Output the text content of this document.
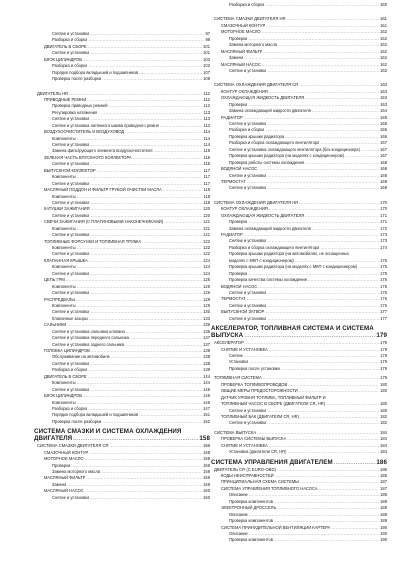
Снятие и установка .....	97
Разборка и сборка .....	98
ДВИГАТЕЛЬ В СБОРЕ .....	101
Снятие и установка .....	101
БЛОК ЦИЛИНДРОВ .....	103
Разборка и сборка .....	103
Порядок подбора вкладышей и подшипников .....	107
Проверка после разборки .....	108
ДВИГАТЕЛЬ HR .....	112
ПРИВОДНЫЕ РЕМНИ .....	112
Проверка приводных ремней .....	112
Регулировка натяжения .....	113
Снятие и установка .....	113
Снятие и установка натяжного шкива приводного ремня .....	113
ВОЗДУХООЧИСТИТЕЛЬ И ВОЗДУХОВОД .....	114
Компоненты .....	114
Снятие и установка .....	114
Замена фильтрующего элемента воздухоочистителя .....	115
ЗЕЛЕНАЯ ЧАСТЬ ВПУСКНОГО КОЛЛЕКТОРА .....	115
Снятие и установка .....	115
ВЫПУСКНОЙ КОЛЛЕКТОР .....	117
Компоненты .....	117
Снятие и установка .....	117
МАСЛЯНЫЙ ПОДДОН И ФИЛЬТР ГРУБОЙ ОЧИСТКИ МАСЛА .....	118
Компоненты .....	118
Снятие и установка .....	118
КАТУШКИ ЗАЖИГАНИЯ .....	120
Снятие и установка .....	120
СВЕЧИ ЗАЖИГАНИЯ (С ПЛАТИНОВЫМИ НАКОНЕЧНИКАМИ) .....	121
Компоненты .....	121
Снятие и установка .....	121
ТОПЛИВНЫЕ ФОРСУНКИ И ТОПЛИВНАЯ ТРУБКА .....	122
Компоненты .....	122
Снятие и установка .....	122
КЛАПАННАЯ КРЫШКА .....	124
Компоненты .....	124
Снятие и установка .....	124
ЦЕПЬ ГРМ .....	125
Компоненты .....	125
Снятие и установка .....	126
РАСПРЕДВАЛЫ .....	129
Компоненты .....	129
Снятие и установка .....	130
Клапанные зазоры .....	133
САЛЬНИКИ .....	136
Снятие и установка сальника клапана .....	136
Снятие и установка переднего сальника .....	137
Снятие и установка заднего сальника .....	137
ГОЛОВКА ЦИЛИНДРОВ .....	138
Обслуживание на автомобиле .....	138
Снятие и установка .....	138
Разборка и сборка .....	139
ДВИГАТЕЛЬ В СБОРЕ .....	144
Компоненты .....	144
Снятие и установка .....	145
БЛОК ЦИЛИНДРОВ .....	146
Компоненты .....	146
Разборка и сборка .....	147
Порядок подбора вкладышей и подшипников .....	151
Проверка после разборки .....	152
СИСТЕМА СМАЗКИ И СИСТЕМА ОХЛАЖДЕНИЯ
ДВИГАТЕЛЯ .....	158
СИСТЕМА СМАЗКИ ДВИГАТЕЛЯ CR .....	158
СМАЗОЧНЫЙ КОНТУР .....	158
МОТОРНОЕ МАСЛО .....	158
Проверка .....	158
Замена моторного масла .....	158
МАСЛЯНЫЙ ФИЛЬТР .....	159
Замена .....	159
МАСЛЯНЫЙ НАСОС .....	160
Снятие и установка .....	160
Разборка и сборка .....	160
СИСТЕМА СМАЗКИ ДВИГАТЕЛЯ HR .....	161
СМАЗОЧНЫЙ КОНТУР .....	161
МОТОРНОЕ МАСЛО .....	162
Проверка .....	162
Замена моторного масла .....	162
МАСЛЯНЫЙ ФИЛЬТР .....	162
Замена .....	162
МАСЛЯНЫЙ НАСОС .....	162
Снятие и установка .....	162
СИСТЕМА ОХЛАЖДЕНИЯ ДВИГАТЕЛЯ CR .....	163
КОНТУР ОХЛАЖДЕНИЯ .....	163
ОХЛАЖДАЮЩАЯ ЖИДКОСТЬ ДВИГАТЕЛЯ .....	163
Проверка .....	163
Замена охлаждающей жидкости двигателя .....	164
РАДИАТОР .....	165
Снятие и установка .....	165
Разборка и сборка .....	166
Проверка крышки радиатора .....	166
Разборка и сборка охлаждающего вентилятора .....	167
Снятие и установка охлаждающего вентилятора (без кондиционера) .....	167
Проверка крышки радиатора (на моделях с кондиционером) .....	167
Проверка работы системы охлаждения .....	168
ВОДЯНОЙ НАСОС .....	168
Снятие и установка .....	168
ТЕРМОСТАТ .....	169
Снятие и установка .....	169
СИСТЕМА ОХЛАЖДЕНИЯ ДВИГАТЕЛЯ HR .....	170
КОНТУР ОХЛАЖДЕНИЯ .....	170
ОХЛАЖДАЮЩАЯ ЖИДКОСТЬ ДВИГАТЕЛЯ .....	171
Проверка .....	171
Замена охлаждающей жидкости двигателя .....	172
РАДИАТОР .....	173
Снятие и установка .....	173
Разборка и сборка охлаждающего вентилятора .....	174
Проверка крышки радиатора (на автомобилях, не оснащенных
моделях с МКП с кондиционером) .....	175
Проверка крышки радиатора (на моделях с МКП с кондиционером) .....	175
Проверка .....	175
Проверка качества системы охлаждения .....	175
ВОДЯНОЙ НАСОС .....	175
Снятие и установка .....	175
ТЕРМОСТАТ .....	176
Снятие и установка .....	176
ВЫПУСКНОЙ ЗАТВОР .....	177
Снятие и установка .....	177
АКСЕЛЕРАТОР, ТОПЛИВНАЯ СИСТЕМА И СИСТЕМА
ВЫПУСКА .....	179
АКСЕЛЕРАТОР .....	179
СНЯТИЕ И УСТАНОВКА .....	179
Снятие .....	179
Установка .....	179
Проверка после установки .....	179
ТОПЛИВНАЯ СИСТЕМА .....	179
ПРОВЕРКА ТОПЛИВОПРОВОДОВ .....	180
ОБЩИЕ МЕРЫ ПРЕДОСТОРОЖНОСТИ .....	180
ДАТЧИК УРОВНЯ ТОПЛИВА, ТОПЛИВНЫЙ ФИЛЬТР И
ТОПЛИВНЫЙ НАСОС В СБОРЕ (ДВИГАТЕЛИ CR, HR) .....	180
Снятие и установка .....	180
ТОПЛИВНЫЙ БАК (ДВИГАТЕЛИ CR, HR) .....	182
Снятие и установка .....	182
СИСТЕМА ВЫПУСКА .....	184
ПРОВЕРКА СИСТЕМЫ ВЫПУСКА .....	184
СНЯТИЕ И УСТАНОВКА .....	184
Установка (двигатели CR, HR) .....	184
СИСТЕМА УПРАВЛЕНИЯ ДВИГАТЕЛЕМ .....	186
ДВИГАТЕЛЬ CR (С EURO-OBD) .....	186
КОДЫ НЕИСПРАВНОСТЕЙ .....	186
ПРИНЦИПИАЛЬНАЯ СХЕМА СИСТЕМЫ .....	187
СИСТЕМА УПРАВЛЕНИЯ ТОПЛИВНОГО НАСОСА .....	187
Описание .....	188
Проверка компонентов .....	189
ЭЛЕКТРОННЫЙ ДРОССЕЛЬ .....	189
Описание .....	189
Проверка компонентов .....	189
СИСТЕМА ПРИНУДИТЕЛЬНОЙ ВЕНТИЛЯЦИИ КАРТЕРА .....	190
Описание .....	190
Проверка компонентов .....	190
